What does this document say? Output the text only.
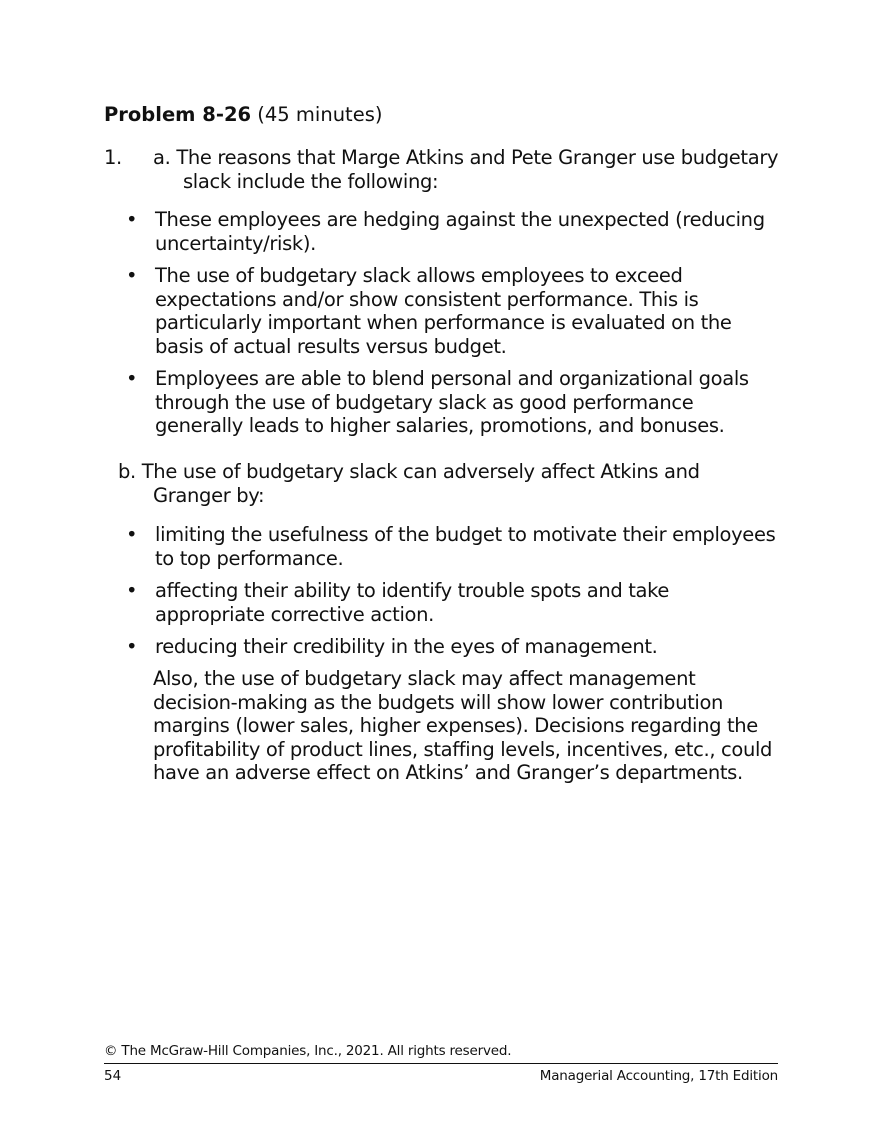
Problem 8-26 (45 minutes)
1. a. The reasons that Marge Atkins and Pete Granger use budgetary slack include the following:

• These employees are hedging against the unexpected (reducing uncertainty/risk).
• The use of budgetary slack allows employees to exceed expectations and/or show consistent performance. This is particularly important when performance is evaluated on the basis of actual results versus budget.
• Employees are able to blend personal and organizational goals through the use of budgetary slack as good performance generally leads to higher salaries, promotions, and bonuses.

b. The use of budgetary slack can adversely affect Atkins and Granger by:

• limiting the usefulness of the budget to motivate their employees to top performance.
• affecting their ability to identify trouble spots and take appropriate corrective action.
• reducing their credibility in the eyes of management.

Also, the use of budgetary slack may affect management decision-making as the budgets will show lower contribution margins (lower sales, higher expenses). Decisions regarding the profitability of product lines, staffing levels, incentives, etc., could have an adverse effect on Atkins’ and Granger’s departments.

© The McGraw-Hill Companies, Inc., 2021. All rights reserved.
54	Managerial Accounting, 17th Edition
